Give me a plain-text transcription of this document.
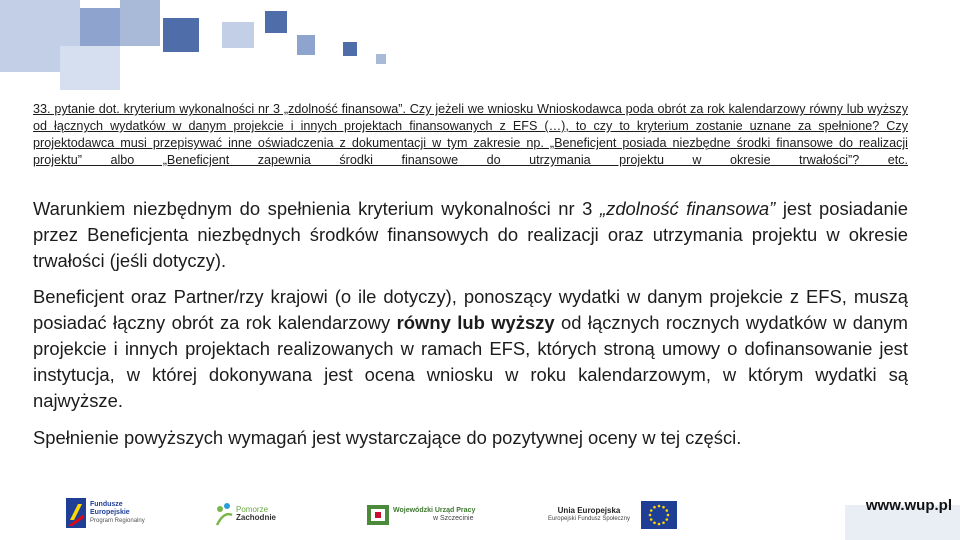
33. pytanie dot. kryterium wykonalności nr 3 „zdolność finansowa”. Czy jeżeli we wniosku Wnioskodawca poda obrót za rok kalendarzowy równy lub wyższy od łącznych wydatków w danym projekcie i innych projektach finansowanych z EFS (…), to czy to kryterium zostanie uznane za spełnione? Czy projektodawca musi przepisywać inne oświadczenia z dokumentacji w tym zakresie np. „Beneficjent posiada niezbędne środki finansowe do realizacji projektu” albo „Beneficjent zapewnia środki finansowe do utrzymania projektu w okresie trwałości”? etc.
Warunkiem niezbędnym do spełnienia kryterium wykonalności nr 3 „zdolność finansowa” jest posiadanie przez Beneficjenta niezbędnych środków finansowych do realizacji oraz utrzymania projektu w okresie trwałości (jeśli dotyczy).
Beneficjent oraz Partner/rzy krajowi (o ile dotyczy), ponoszący wydatki w danym projekcie z EFS, muszą posiadać łączny obrót za rok kalendarzowy równy lub wyższy od łącznych rocznych wydatków w danym projekcie i innych projektach realizowanych w ramach EFS, których stroną umowy o dofinansowanie jest instytucja, w której dokonywana jest ocena wniosku w roku kalendarzowym, w którym wydatki są najwyższe.
Spełnienie powyższych wymagań jest wystarczające do pozytywnej oceny w tej części.
Fundusze
Europejskie
Program Regionalny
Pomorze
Zachodnie
Wojewódzki Urząd Pracy
w Szczecinie
Unia Europejska
Europejski Fundusz Społeczny
www.wup.pl
